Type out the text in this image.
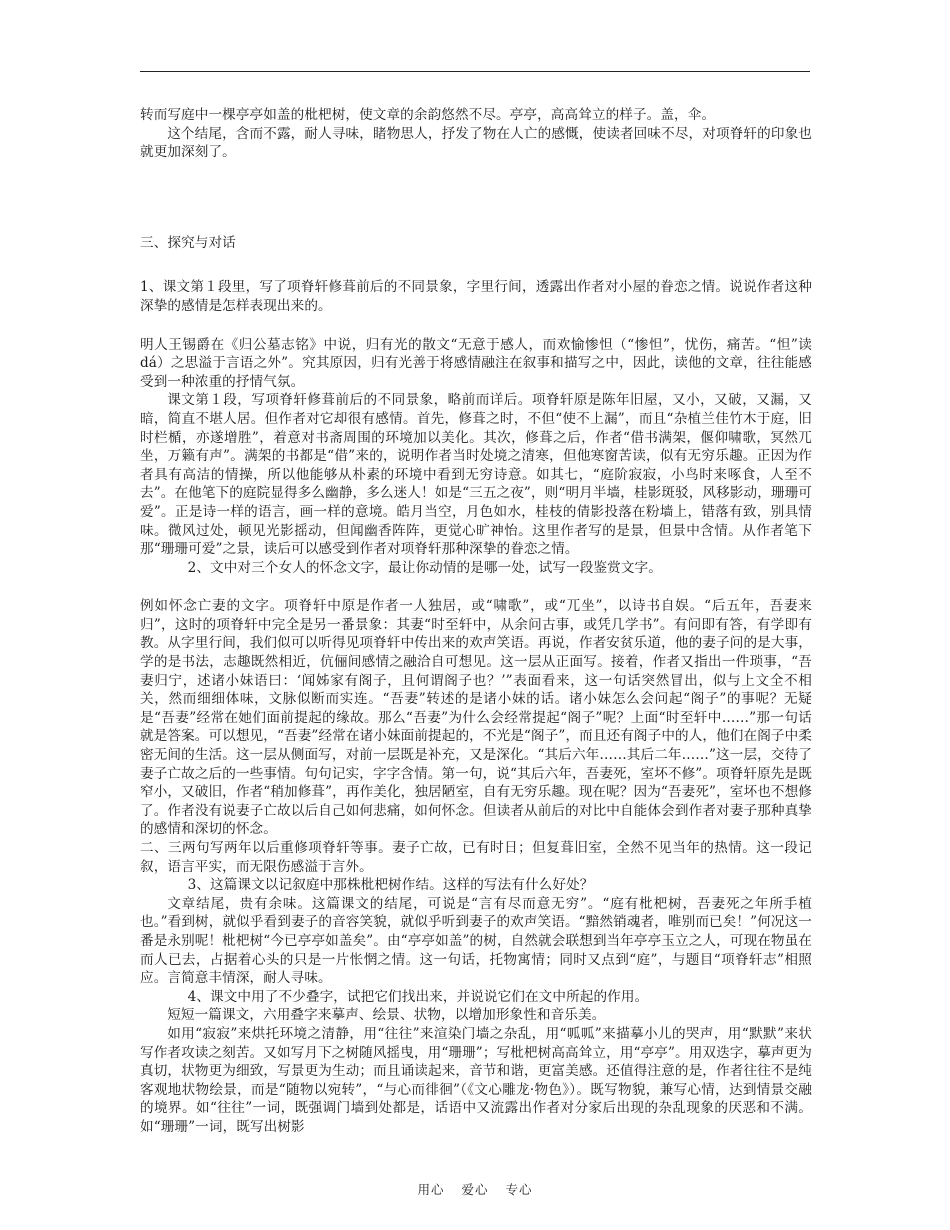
转而写庭中一棵亭亭如盖的枇杷树，使文章的余韵悠然不尽。亭亭，高高耸立的样子。盖，伞。

这个结尾，含而不露，耐人寻味，睹物思人，抒发了物在人亡的感慨，使读者回味不尽，对项脊轩的印象也就更加深刻了。

三、探究与对话

1、课文第１段里，写了项脊轩修葺前后的不同景象，字里行间，透露出作者对小屋的眷恋之情。说说作者这种深挚的感情是怎样表现出来的。

明人王锡爵在《归公墓志铭》中说，归有光的散文“无意于感人，而欢愉惨怛（“惨怛”，忧伤，痛苦。“怛”读dá）之思溢于言语之外”。究其原因，归有光善于将感情融注在叙事和描写之中，因此，读他的文章，往往能感受到一种浓重的抒情气氛。

课文第１段，写项脊轩修葺前后的不同景象，略前而详后。项脊轩原是陈年旧屋，又小，又破，又漏，又暗，简直不堪人居。但作者对它却很有感情。首先，修葺之时，不但“使不上漏”，而且“杂植兰佳竹木于庭，旧时栏楯，亦遂增胜”，着意对书斋周围的环境加以美化。其次，修葺之后，作者“借书满架，偃仰啸歌，冥然兀坐，万籁有声”。满架的书都是“借”来的，说明作者当时处境之清寒，但他寒窗苦读，似有无穷乐趣。正因为作者具有高洁的情操，所以他能够从朴素的环境中看到无穷诗意。如其七，“庭阶寂寂，小鸟时来啄食，人至不去”。在他笔下的庭院显得多么幽静，多么迷人！如是“三五之夜”，则“明月半墙，桂影斑驳，风移影动，珊珊可爱”。正是诗一样的语言，画一样的意境。皓月当空，月色如水，桂枝的倩影投落在粉墙上，错落有致，别具情味。微风过处，顿见光影摇动，但闻幽香阵阵，更觉心旷神怡。这里作者写的是景，但景中含情。从作者笔下那“珊珊可爱”之景，读后可以感受到作者对项脊轩那种深挚的眷恋之情。

2、文中对三个女人的怀念文字，最让你动情的是哪一处，试写一段鉴赏文字。

例如怀念亡妻的文字。项脊轩中原是作者一人独居，或“啸歌”，或“兀坐”，以诗书自娱。“后五年，吾妻来归”，这时的项脊轩中完全是另一番景象：其妻“时至轩中，从余问古事，或凭几学书”。有问即有答，有学即有教。从字里行间，我们似可以听得见项脊轩中传出来的欢声笑语。再说，作者安贫乐道，他的妻子问的是大事，学的是书法，志趣既然相近，伉俪间感情之融洽自可想见。这一层从正面写。接着，作者又指出一件琐事，“吾妻归宁，述诸小妹语曰：‘闻姊家有阁子，且何谓阁子也？’”表面看来，这一句话突然冒出，似与上文全不相关，然而细细体味，文脉似断而实连。“吾妻”转述的是诸小妹的话。诸小妹怎么会问起“阁子”的事呢？无疑是“吾妻”经常在她们面前提起的缘故。那么“吾妻”为什么会经常提起“阁子”呢？上面“时至轩中……”那一句话就是答案。可以想见，“吾妻”经常在诸小妹面前提起的，不光是“阁子”，而且还有阁子中的人，他们在阁子中柔密无间的生活。这一层从侧面写，对前一层既是补充，又是深化。“其后六年……其后二年……”这一层，交待了妻子亡故之后的一些事情。句句记实，字字含情。第一句，说“其后六年，吾妻死，室坏不修”。项脊轩原先是既窄小，又破旧，作者“稍加修葺”，再作美化，独居陋室，自有无穷乐趣。现在呢？因为“吾妻死”，室坏也不想修了。作者没有说妻子亡故以后自己如何悲痛，如何怀念。但读者从前后的对比中自能体会到作者对妻子那种真挚的感情和深切的怀念。

二、三两句写两年以后重修项脊轩等事。妻子亡故，已有时日；但复葺旧室，全然不见当年的热情。这一段记叙，语言平实，而无限伤感溢于言外。

3、这篇课文以记叙庭中那株枇杷树作结。这样的写法有什么好处？

文章结尾，贵有余味。这篇课文的结尾，可说是“言有尽而意无穷”。“庭有枇杷树，吾妻死之年所手植也。”看到树，就似乎看到妻子的音容笑貌，就似乎听到妻子的欢声笑语。“黯然销魂者，唯别而已矣！”何况这一番是永别呢！枇杷树“今已亭亭如盖矣”。由“亭亭如盖”的树，自然就会联想到当年亭亭玉立之人，可现在物虽在而人已去，占据着心头的只是一片怅惘之情。这一句话，托物寓情；同时又点到“庭”，与题目“项脊轩志”相照应。言简意丰情深，耐人寻味。

4、课文中用了不少叠字，试把它们找出来，并说说它们在文中所起的作用。

短短一篇课文，六用叠字来摹声、绘景、状物，以增加形象性和音乐美。

如用“寂寂”来烘托环境之清静，用“往往”来渲染门墙之杂乱，用“呱呱”来描摹小儿的哭声，用“默默”来状写作者攻读之刻苦。又如写月下之树随风摇曳，用“珊珊”；写枇杷树高高耸立，用“亭亭”。用双迭字，摹声更为真切，状物更为细致，写景更为生动；而且诵读起来，音节和谐，更富美感。还值得注意的是，作者往往不是纯客观地状物绘景，而是“随物以宛转”，“与心而徘徊”（《文心雕龙·物色》）。既写物貌，兼写心情，达到情景交融的境界。如“往往”一词，既强调门墙到处都是，话语中又流露出作者对分家后出现的杂乱现象的厌恶和不满。如“珊珊”一词，既写出树影

用心 爱心 专心
